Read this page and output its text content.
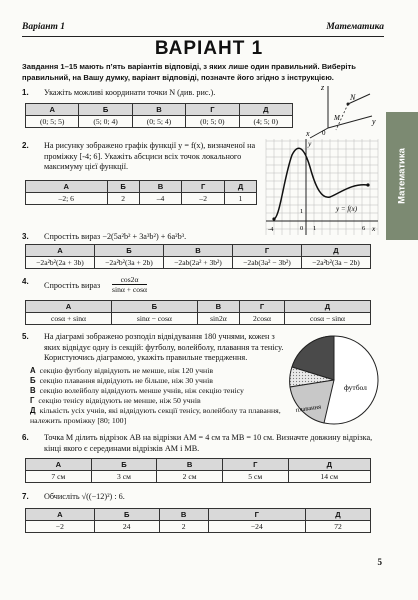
Варіант 1	Математика
ВАРІАНТ 1
Завдання 1–15 мають п’ять варіантів відповіді, з яких лише один правильний. Виберіть правильний, на Вашу думку, варіант відповіді, позначте його згідно з інструкцією.
Математика
1. Укажіть можливі координати точки N (див. рис.).
А	Б	В	Г	Д
(0; 5; 5)	(5; 0; 4)	(0; 5; 4)	(0; 5; 0)	(4; 5; 0)
z
y
x
N
0
M
2. На рисунку зображено графік функції y = f(x), визначеної на проміжку [-4; 6]. Укажіть абсциси всіх точок локального максимуму цієї функції.
А	Б	В	Г	Д
–2; 6	2	–4	–2	1
y
x
y = f(x)
-4	1	6
0
1
3. Спростіть вираз −2(5a²b² + 3a³b²) + 6a²b³.
А	Б	В	Г	Д
−2a²b²(2a + 3b)	−2a²b²(3a + 2b)	−2ab(2a² + 3b²)	−2ab(3a² − 3b²)	−2a²b²(3a − 2b)
4. Спростіть вираз $\frac{\cos 2\alpha}{\sin\alpha + \cos\alpha}$
А	Б	В	Г	Д
cosα + sinα	sinα − cosα	sin2α	2cosα	cosα − sinα
5. На діаграмі зображено розподіл відвідування 180 учнями, кожен з яких відвідує одну із секцій: футболу, волейболу, плавання та тенісу. Користуючись діаграмою, укажіть правильне твердження.
А секцію футболу відвідують не менше, ніж 120 учнів
Б секцію плавання відвідують не більше, ніж 30 учнів
В секцію волейболу відвідують менше учнів, ніж секцію тенісу
Г секцію тенісу відвідують не менше, ніж 50 учнів
Д кількість усіх учнів, які відвідують секції тенісу, волейболу та плавання, належить проміжку [80; 100]
футбол
плавання
6. Точка M ділить відрізок AB на відрізки AM = 4 см та MB = 10 см. Визначте довжину відрізка, кінці якого є серединами відрізків AM і MB.
А	Б	В	Г	Д
7 см	3 см	2 см	5 см	14 см
7. Обчисліть √((−12)²) : 6.
А	Б	В	Г	Д
−2	24	2	−24	72
5
